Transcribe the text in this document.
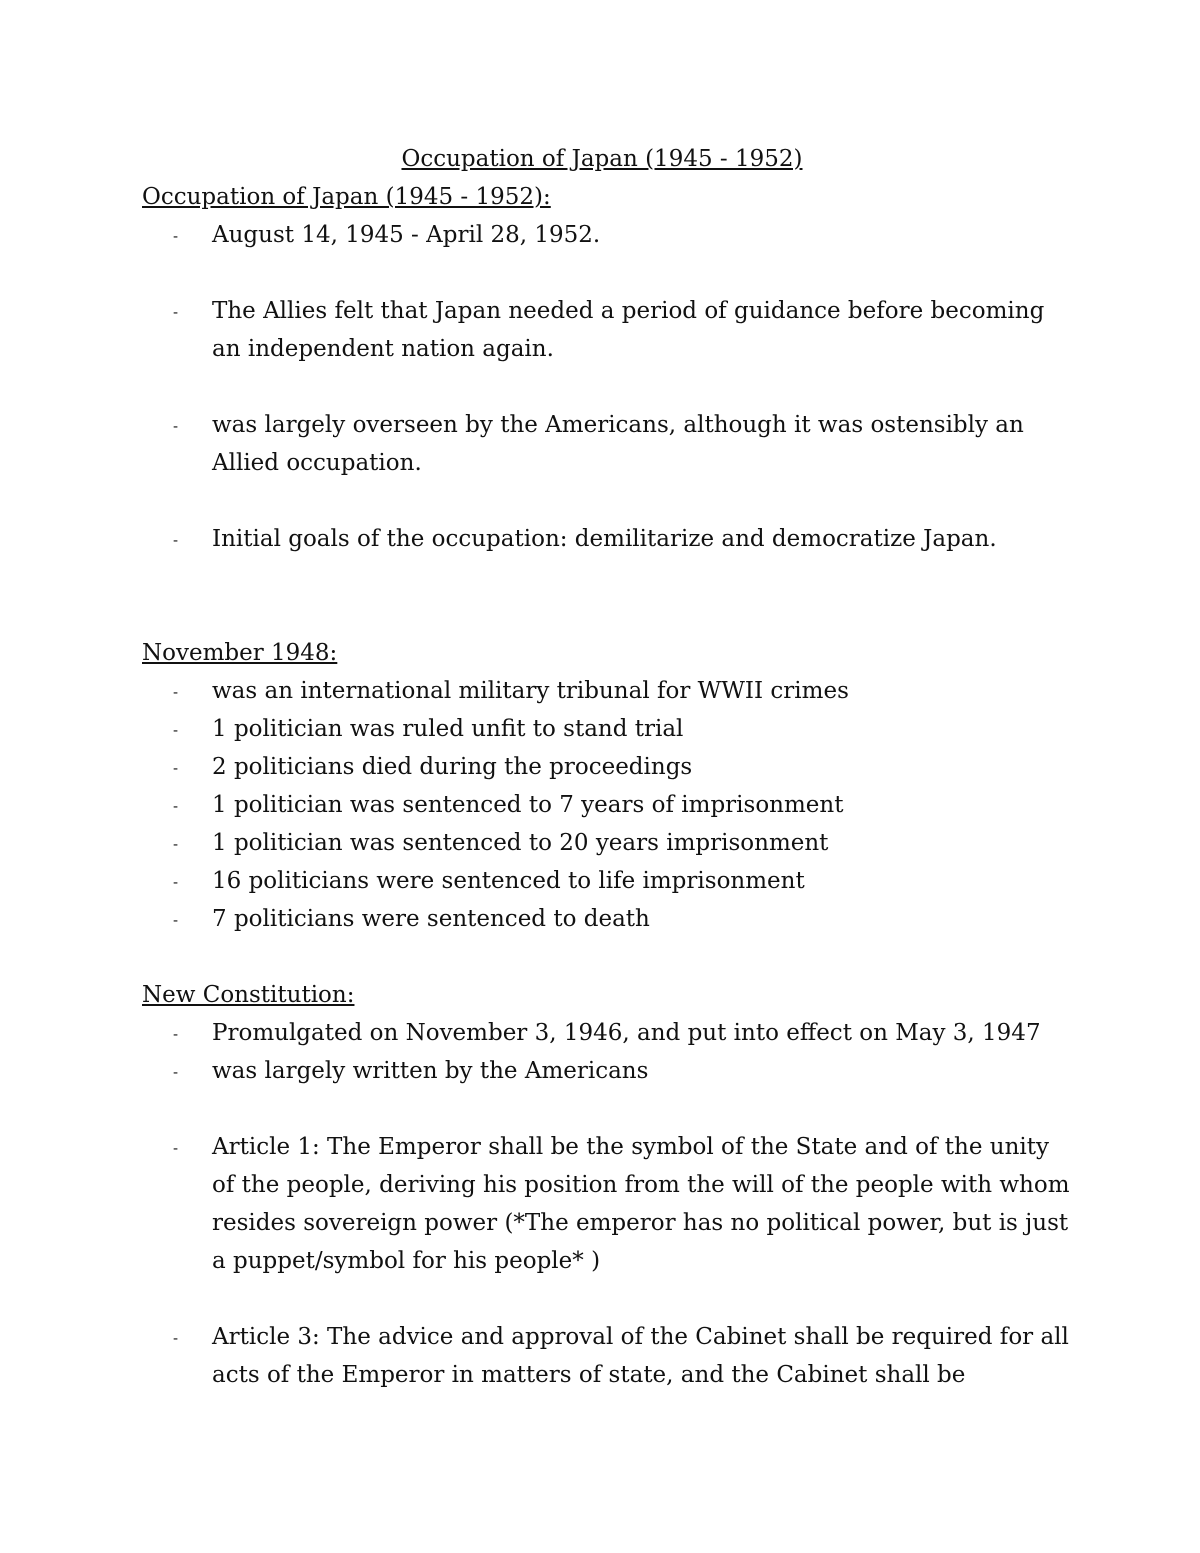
Occupation of Japan (1945 - 1952)

Occupation of Japan (1945 - 1952):

- August 14, 1945 - April 28, 1952.
- The Allies felt that Japan needed a period of guidance before becoming an independent nation again.
- was largely overseen by the Americans, although it was ostensibly an Allied occupation.
- Initial goals of the occupation: demilitarize and democratize Japan.

November 1948:

- was an international military tribunal for WWII crimes
- 1 politician was ruled unfit to stand trial
- 2 politicians died during the proceedings
- 1 politician was sentenced to 7 years of imprisonment
- 1 politician was sentenced to 20 years imprisonment
- 16 politicians were sentenced to life imprisonment
- 7 politicians were sentenced to death

New Constitution:

- Promulgated on November 3, 1946, and put into effect on May 3, 1947
- was largely written by the Americans
- Article 1: The Emperor shall be the symbol of the State and of the unity of the people, deriving his position from the will of the people with whom resides sovereign power (*The emperor has no political power, but is just a puppet/symbol for his people* )
- Article 3: The advice and approval of the Cabinet shall be required for all acts of the Emperor in matters of state, and the Cabinet shall be
